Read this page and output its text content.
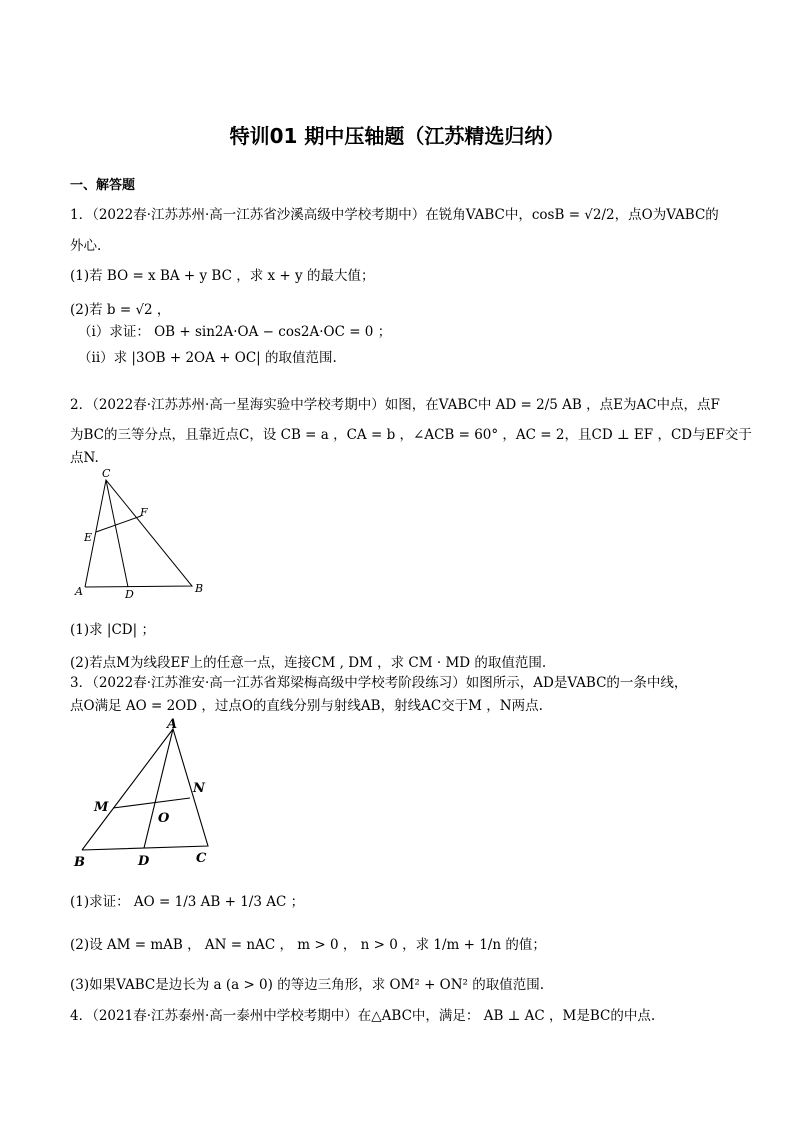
特训01 期中压轴题（江苏精选归纳）
一、解答题
1．（2022春·江苏苏州·高一江苏省沙溪高级中学校考期中）在锐角VABC中，cosB = √2/2，点O为VABC的
外心.
(1)若 BO = x BA + y BC ，求 x + y 的最大值；
(2)若 b = √2 ，
（i）求证： OB + sin2A·OA − cos2A·OC = 0 ；
（ii）求 |3OB + 2OA + OC| 的取值范围.
2．（2022春·江苏苏州·高一星海实验中学校考期中）如图，在VABC中 AD = 2/5 AB ，点E为AC中点，点F
为BC的三等分点，且靠近点C，设 CB = a ，CA = b ，∠ACB = 60° ，AC = 2，且CD ⊥ EF ，CD与EF交于
点N.
C
F
E
A	D	B
(1)求 |CD| ；
(2)若点M为线段EF上的任意一点，连接CM , DM ，求 CM · MD 的取值范围.
3．（2022春·江苏淮安·高一江苏省郑梁梅高级中学校考阶段练习）如图所示，AD是VABC的一条中线，
点O满足 AO = 2OD ，过点O的直线分别与射线AB，射线AC交于M ，N两点.
A
N
M
O
B	D	C
(1)求证： AO = 1/3 AB + 1/3 AC ；
(2)设 AM = mAB ， AN = nAC ， m > 0 ， n > 0 ，求 1/m + 1/n 的值；
(3)如果VABC是边长为 a (a > 0) 的等边三角形，求 OM² + ON² 的取值范围.
4．（2021春·江苏泰州·高一泰州中学校考期中）在△ABC中，满足： AB ⊥ AC ，M是BC的中点.
